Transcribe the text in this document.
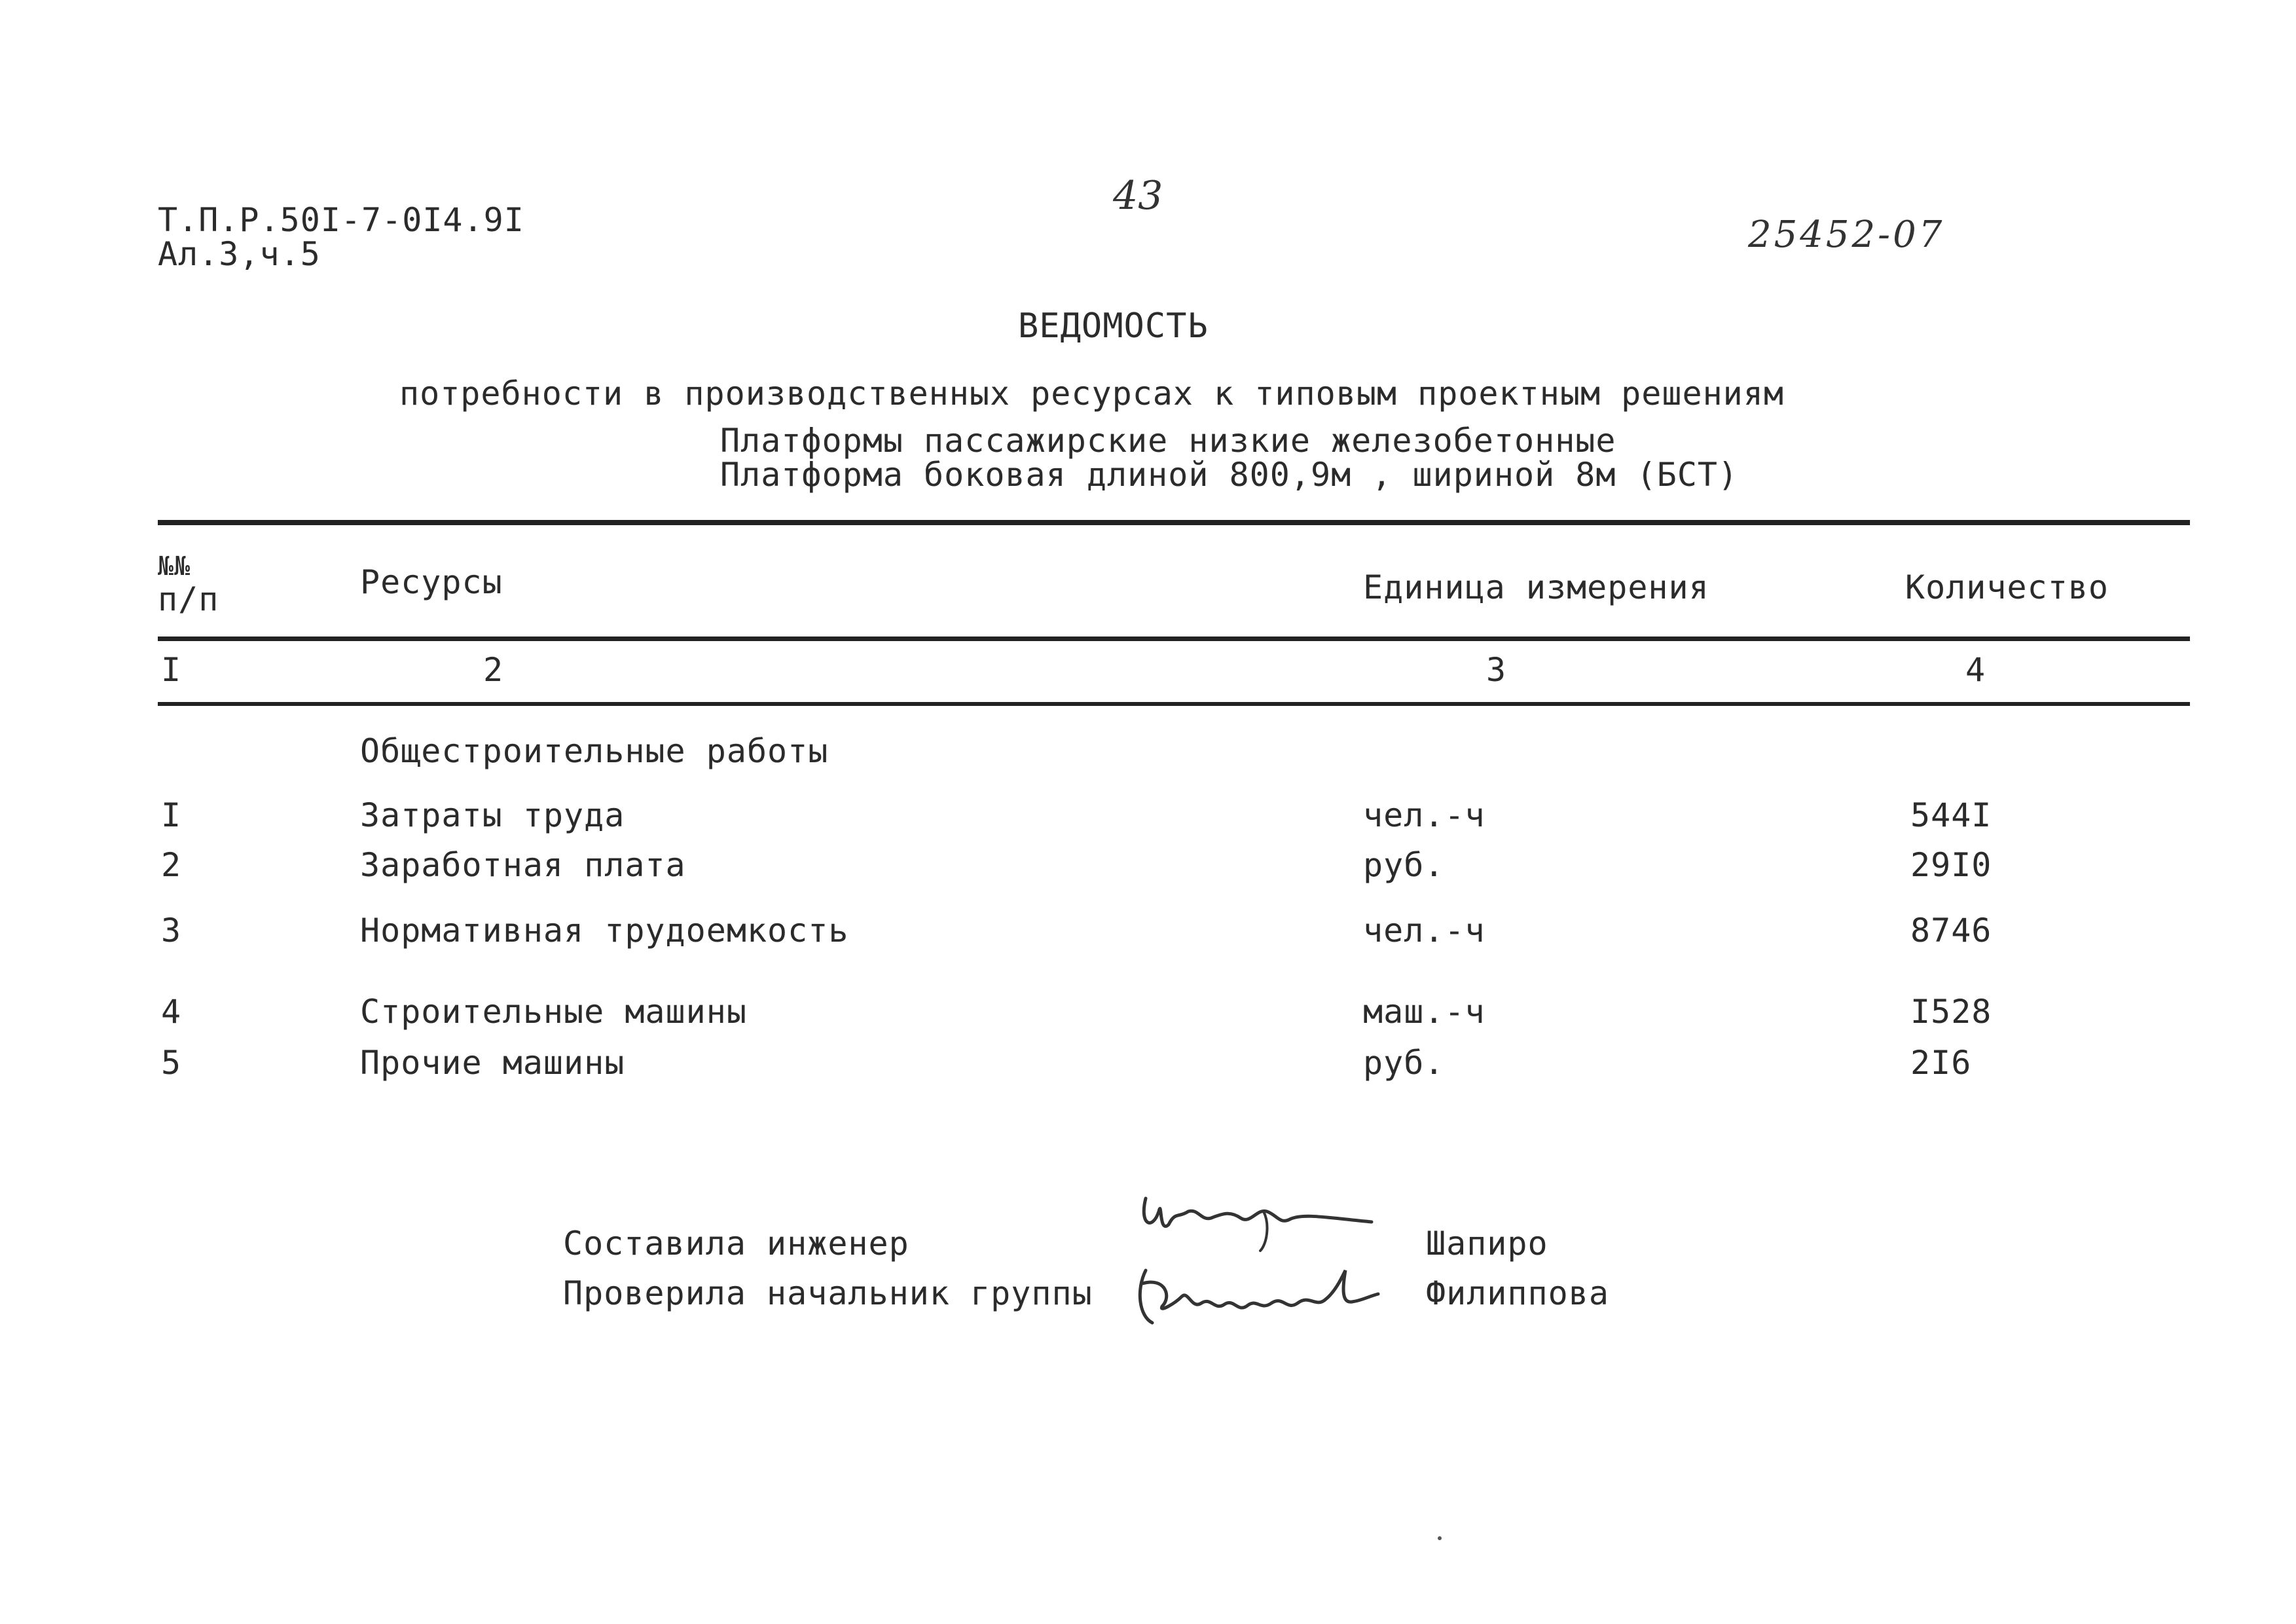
Т.П.Р.50І-7-0І4.9І
Ал.3,ч.5
43
25452-07
ВЕДОМОСТЬ
потребности в производственных ресурсах к типовым проектным решениям
Платформы пассажирские низкие железобетонные
Платформа боковая длиной 800,9м , шириной 8м (БСТ)
№№
п/п	Ресурсы	Единица измерения	Количество
I	2	3	4
Общестроительные работы
I	Затраты труда	чел.-ч	544І
2	Заработная плата	руб.	29І0
3	Нормативная трудоемкость	чел.-ч	8746
4	Строительные машины	маш.-ч	І528
5	Прочие машины	руб.	2І6
Составила инженер	Шапиро
Проверила начальник группы	Филиппова
